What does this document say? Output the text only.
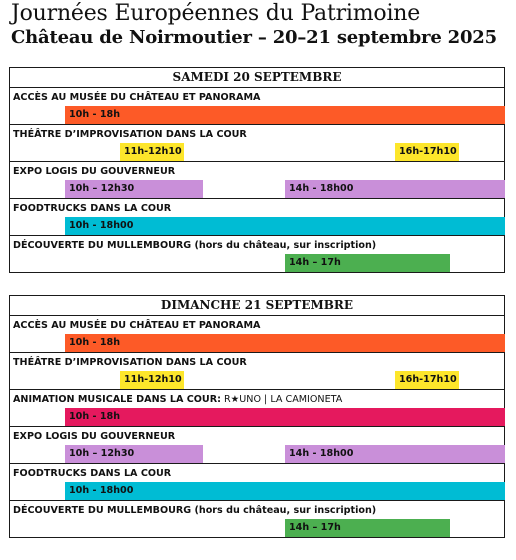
Journées Européennes du Patrimoine
Château de Noirmoutier – 20–21 septembre 2025
SAMEDI 20 SEPTEMBRE
ACCÈS AU MUSÉE DU CHÂTEAU ET PANORAMA
10h - 18h
THÉÂTRE D’IMPROVISATION DANS LA COUR
11h-12h10	16h-17h10
EXPO LOGIS DU GOUVERNEUR
10h – 12h30	14h - 18h00
FOODTRUCKS DANS LA COUR
10h - 18h00
DÉCOUVERTE DU MULLEMBOURG (hors du château, sur inscription)
14h – 17h
DIMANCHE 21 SEPTEMBRE
ACCÈS AU MUSÉE DU CHÂTEAU ET PANORAMA
10h - 18h
THÉÂTRE D’IMPROVISATION DANS LA COUR
11h-12h10	16h-17h10
ANIMATION MUSICALE DANS LA COUR: R★UNO | LA CAMIONETA
10h - 18h
EXPO LOGIS DU GOUVERNEUR
10h – 12h30	14h - 18h00
FOODTRUCKS DANS LA COUR
10h - 18h00
DÉCOUVERTE DU MULLEMBOURG (hors du château, sur inscription)
14h – 17h
